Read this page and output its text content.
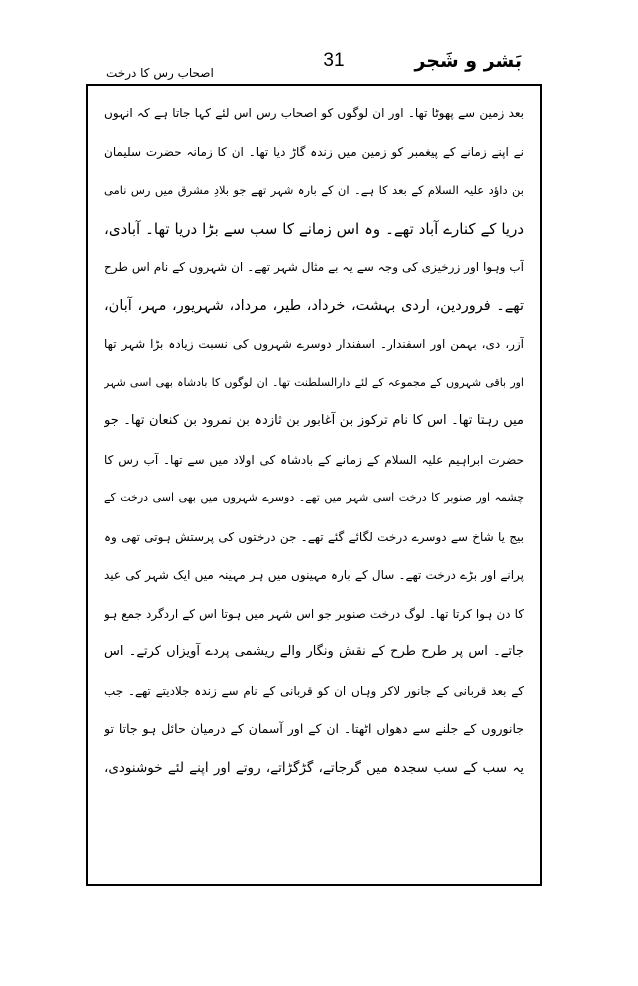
بَشر و شَجر
31
اصحاب رس کا درخت
بعد زمین سے پھوٹا تھا۔ اور ان لوگوں کو اصحاب رس اس لئے کہا جاتا ہے کہ انہوں
نے اپنے زمانے کے پیغمبر کو زمین میں زندہ گاڑ دیا تھا۔ ان کا زمانہ حضرت سلیمان
بن داؤد علیہ السلام کے بعد کا ہے۔ ان کے بارہ شہر تھے جو بلادِ مشرق میں رس نامی
دریا کے کنارے آباد تھے۔ وہ اس زمانے کا سب سے بڑا دریا تھا۔ آبادی،
آب وہوا اور زرخیزی کی وجہ سے یہ بے مثال شہر تھے۔ ان شہروں کے نام اس طرح
تھے۔ فروردین، اردی بہشت، خرداد، طیر، مرداد، شہریور، مہر، آبان،
آزر، دی، بہمن اور اسفندار۔ اسفندار دوسرے شہروں کی نسبت زیادہ بڑا شہر تھا
اور باقی شہروں کے مجموعہ کے لئے دارالسلطنت تھا۔ ان لوگوں کا بادشاہ بھی اسی شہر
میں رہتا تھا۔ اس کا نام ترکوز بن آغابور بن ثازدہ بن نمرود بن کنعان تھا۔ جو
حضرت ابراہیم علیہ السلام کے زمانے کے بادشاہ کی اولاد میں سے تھا۔ آب رس کا
چشمہ اور صنوبر کا درخت اسی شہر میں تھے۔ دوسرے شہروں میں بھی اسی درخت کے
بیج یا شاخ سے دوسرے درخت لگائے گئے تھے۔ جن درختوں کی پرستش ہوتی تھی وہ
پرانے اور بڑے درخت تھے۔ سال کے بارہ مہینوں میں ہر مہینہ میں ایک شہر کی عید
کا دن ہوا کرتا تھا۔ لوگ درخت صنوبر جو اس شہر میں ہوتا اس کے اردگرد جمع ہو
جاتے۔ اس پر طرح طرح کے نقش ونگار والے ریشمی پردے آویزاں کرتے۔ اس
کے بعد قربانی کے جانور لاکر وہاں ان کو قربانی کے نام سے زندہ جلادیتے تھے۔ جب
جانوروں کے جلنے سے دھواں اٹھتا۔ ان کے اور آسمان کے درمیان حائل ہو جاتا تو
یہ سب کے سب سجدہ میں گرجاتے، گڑگڑاتے، روتے اور اپنے لئے خوشنودی،
